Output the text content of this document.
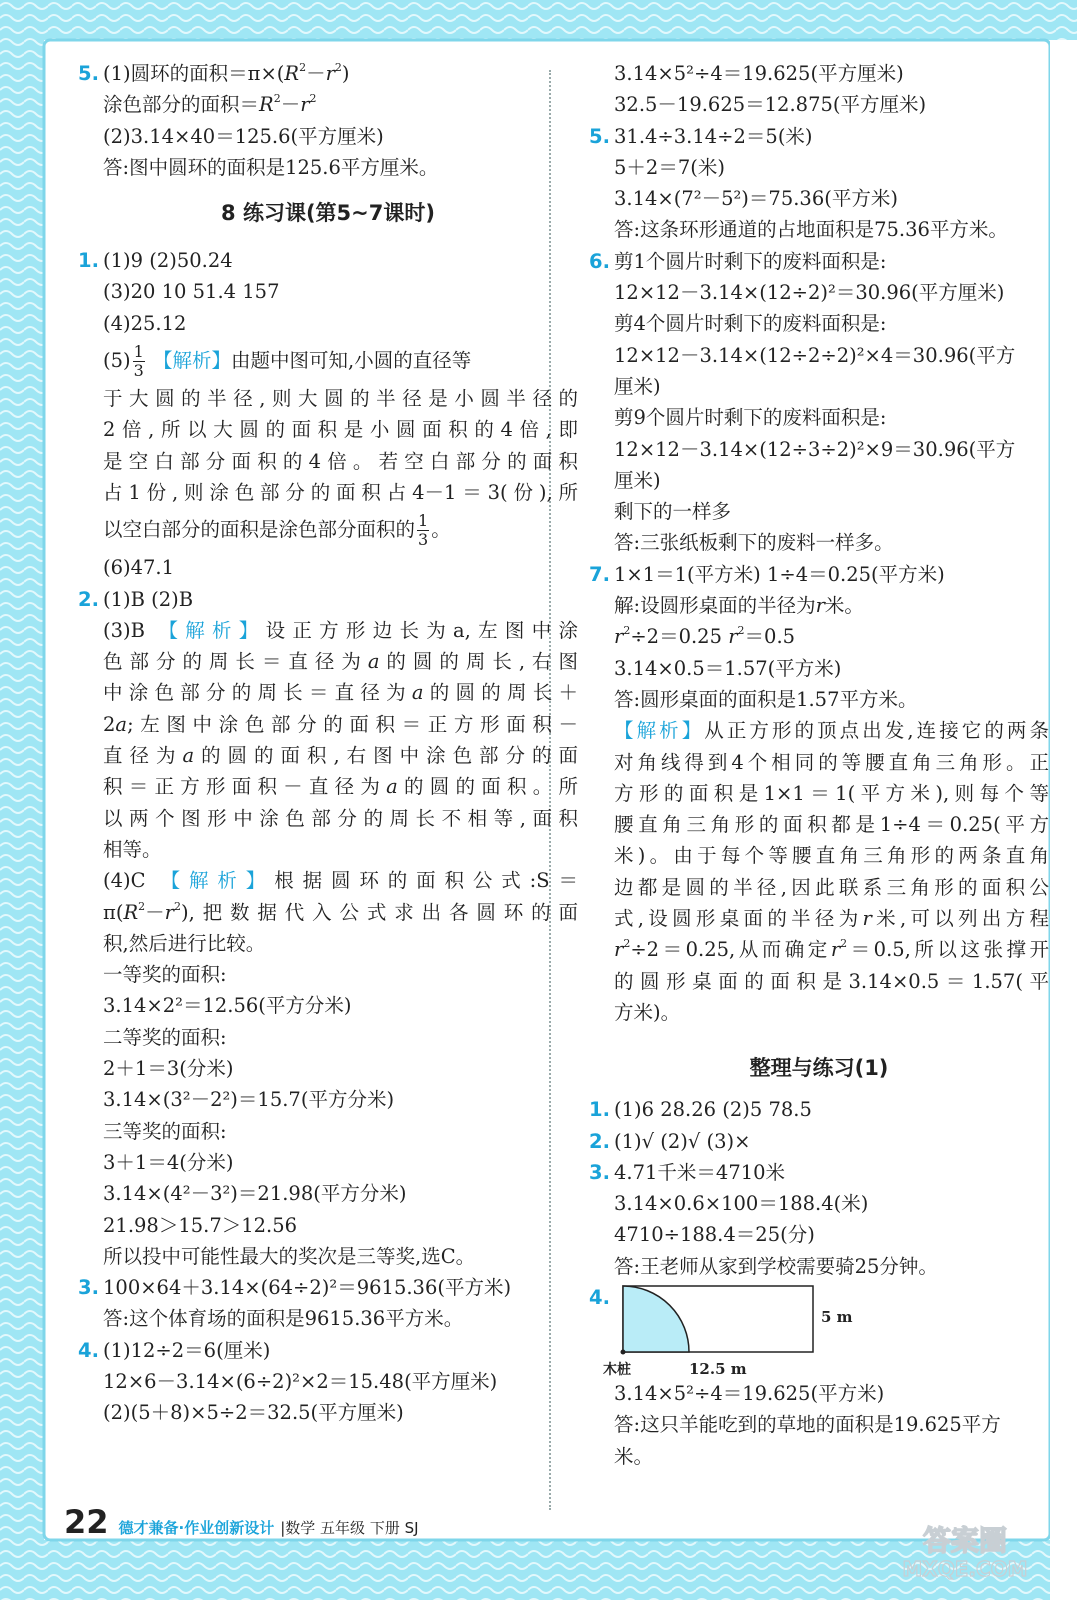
5. (1)圆环的面积$=\pi\times(R^2-r^2)$
涂色部分的面积$=R^2-r^2$
(2)3.14×40＝125.6(平方厘米)
答:图中圆环的面积是125.6平方厘米。
8 练习课(第5~7课时)
1. (1)9 (2)50.24
(3)20 10 51.4 157
(4)25.12
$(5) \frac{1}{3}$ 【解析】由题中图可知,小圆的直径等
于大圆的半径,则大圆的半径是小圆半径的
2倍,所以大圆的面积是小圆面积的4倍,即
是空白部分面积的4倍。若空白部分的面积
占1份,则涂色部分的面积占4－1＝3(份),所
以空白部分的面积是涂色部分面积的 $\frac{1}{3}$ 。
(6)47.1
2. (1)B (2)B
(3)B 【解析】设正方形边长为a,左图中涂
色部分的周长＝直径为a的圆的周长,右图
中涂色部分的周长＝直径为a的圆的周长＋
2a;左图中涂色部分的面积＝正方形面积－
直径为a的圆的面积,右图中涂色部分的面
积＝正方形面积－直径为a的圆的面积。所
以两个图形中涂色部分的周长不相等,面积
相等。
(4)C 【解析】根据圆环的面积公式:S＝
$\pi(R^2-r^2)$,把数据代入公式求出各圆环的面
积,然后进行比较。
一等奖的面积:
3.14×2²＝12.56(平方分米)
二等奖的面积:
2＋1＝3(分米)
3.14×(3²－2²)＝15.7(平方分米)
三等奖的面积:
3＋1＝4(分米)
3.14×(4²－3²)＝21.98(平方分米)
21.98＞15.7＞12.56
所以投中可能性最大的奖次是三等奖,选C。
3. 100×64＋3.14×(64÷2)²＝9615.36(平方米)
答:这个体育场的面积是9615.36平方米。
4. (1)12÷2＝6(厘米)
12×6－3.14×(6÷2)²×2＝15.48(平方厘米)
(2)(5＋8)×5÷2＝32.5(平方厘米)
3.14×5²÷4＝19.625(平方厘米)
32.5－19.625＝12.875(平方厘米)
5. 31.4÷3.14÷2＝5(米)
5＋2＝7(米)
3.14×(7²－5²)＝75.36(平方米)
答:这条环形通道的占地面积是75.36平方米。
6. 剪1个圆片时剩下的废料面积是:
12×12－3.14×(12÷2)²＝30.96(平方厘米)
剪4个圆片时剩下的废料面积是:
12×12－3.14×(12÷2÷2)²×4＝30.96(平方
厘米)
剪9个圆片时剩下的废料面积是:
12×12－3.14×(12÷3÷2)²×9＝30.96(平方
厘米)
剩下的一样多
答:三张纸板剩下的废料一样多。
7. 1×1＝1(平方米) 1÷4＝0.25(平方米)
解:设圆形桌面的半径为r米。
$r^2\div 2=0.25$ $r^2=0.5$
3.14×0.5＝1.57(平方米)
答:圆形桌面的面积是1.57平方米。
【解析】从正方形的顶点出发,连接它的两条
对角线得到4个相同的等腰直角三角形。正
方形的面积是1×1＝1(平方米),则每个等
腰直角三角形的面积都是1÷4＝0.25(平方
米)。由于每个等腰直角三角形的两条直角
边都是圆的半径,因此联系三角形的面积公
式,设圆形桌面的半径为r米,可以列出方程
$r^2\div 2=0.25$,从而确定$r^2=0.5$,所以这张撑开
的圆形桌面的面积是3.14×0.5＝1.57(平
方米)。
整理与练习(1)
1. (1)6 28.26 (2)5 78.5
2. (1)√ (2)√ (3)×
3. 4.71千米＝4710米
3.14×0.6×100＝188.4(米)
4710÷188.4＝25(分)
答:王老师从家到学校需要骑25分钟。
4.
5 m
木桩	12.5 m
3.14×5²÷4＝19.625(平方米)
答:这只羊能吃到的草地的面积是19.625平方
米。
22 德才兼备·作业创新设计 |数学 五年级 下册 SJ	答案圈
MXQE.COM
